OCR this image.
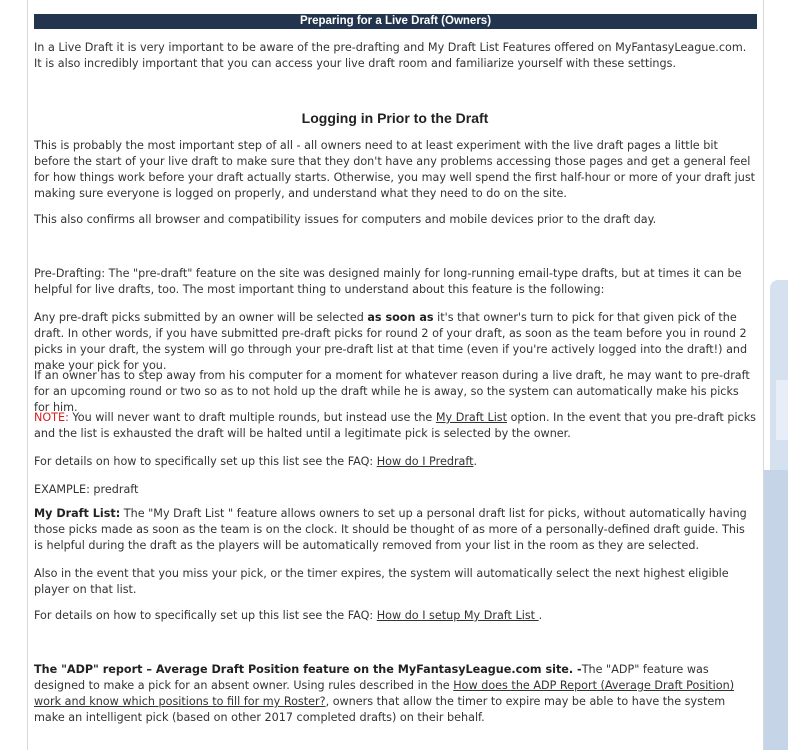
Preparing for a Live Draft (Owners)

In a Live Draft it is very important to be aware of the pre-drafting and My Draft List Features offered on MyFantasyLeague.com. It is also incredibly important that you can access your live draft room and familiarize yourself with these settings.

Logging in Prior to the Draft

This is probably the most important step of all - all owners need to at least experiment with the live draft pages a little bit before the start of your live draft to make sure that they don't have any problems accessing those pages and get a general feel for how things work before your draft actually starts. Otherwise, you may well spend the first half-hour or more of your draft just making sure everyone is logged on properly, and understand what they need to do on the site.

This also confirms all browser and compatibility issues for computers and mobile devices prior to the draft day.

Pre-Drafting: The "pre-draft" feature on the site was designed mainly for long-running email-type drafts, but at times it can be helpful for live drafts, too. The most important thing to understand about this feature is the following:

Any pre-draft picks submitted by an owner will be selected as soon as it's that owner's turn to pick for that given pick of the draft. In other words, if you have submitted pre-draft picks for round 2 of your draft, as soon as the team before you in round 2 picks in your draft, the system will go through your pre-draft list at that time (even if you're actively logged into the draft!) and make your pick for you.

If an owner has to step away from his computer for a moment for whatever reason during a live draft, he may want to pre-draft for an upcoming round or two so as to not hold up the draft while he is away, so the system can automatically make his picks for him.

NOTE: You will never want to draft multiple rounds, but instead use the My Draft List option. In the event that you pre-draft picks and the list is exhausted the draft will be halted until a legitimate pick is selected by the owner.

For details on how to specifically set up this list see the FAQ: How do I Predraft.

EXAMPLE: predraft

My Draft List: The "My Draft List " feature allows owners to set up a personal draft list for picks, without automatically having those picks made as soon as the team is on the clock. It should be thought of as more of a personally-defined draft guide. This is helpful during the draft as the players will be automatically removed from your list in the room as they are selected.

Also in the event that you miss your pick, or the timer expires, the system will automatically select the next highest eligible player on that list.

For details on how to specifically set up this list see the FAQ: How do I setup My Draft List .

The "ADP" report – Average Draft Position feature on the MyFantasyLeague.com site. -The "ADP" feature was designed to make a pick for an absent owner. Using rules described in the How does the ADP Report (Average Draft Position) work and know which positions to fill for my Roster?, owners that allow the timer to expire may be able to have the system make an intelligent pick (based on other 2017 completed drafts) on their behalf.
